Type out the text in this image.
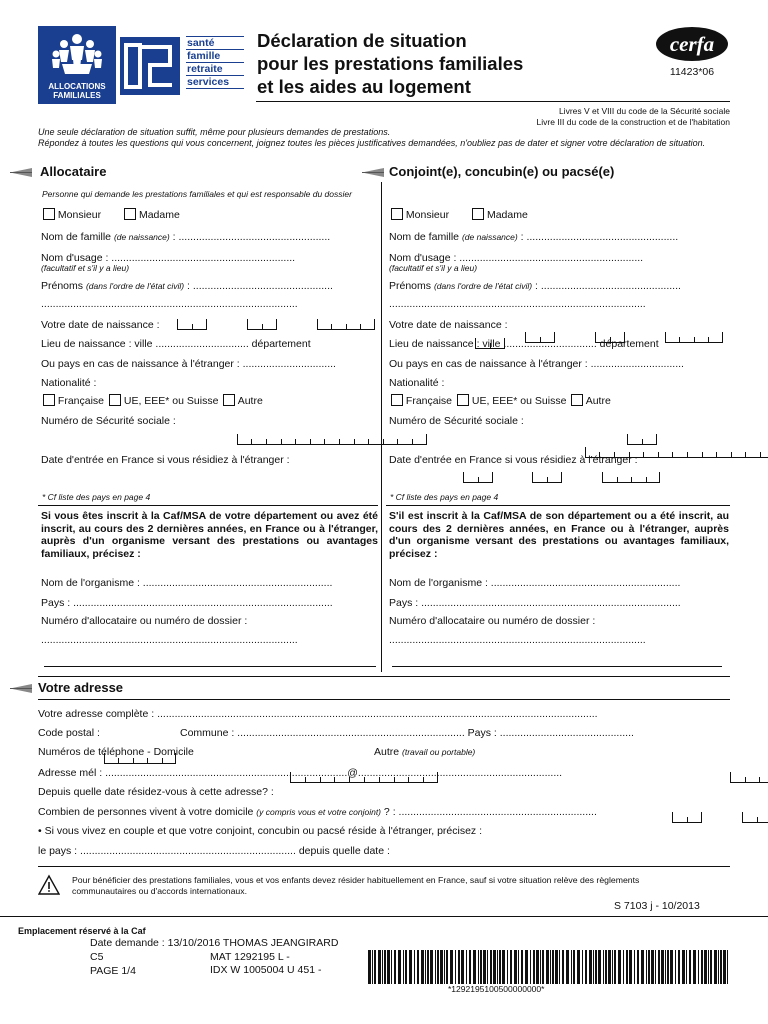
ALLOCATIONS
FAMILIALES
santé
famille
retraite
services
Déclaration de situation
pour les prestations familiales
et les aides au logement
cerfa
11423*06
Livres V et VIII du code de la Sécurité sociale
Livre III du code de la construction et de l'habitation
Une seule déclaration de situation suffit, même pour plusieurs demandes de prestations.
Répondez à toutes les questions qui vous concernent, joignez toutes les pièces justificatives demandées, n'oubliez pas de dater et signer votre déclaration de situation.
Allocataire
Personne qui demande les prestations familiales et qui est responsable du dossier
Monsieur	Madame
Nom de famille (de naissance) : ....................................................
Nom d'usage : ...............................................................
(facultatif et s'il y a lieu)
Prénoms (dans l'ordre de l'état civil) : ................................................
........................................................................................
Votre date de naissance :

Lieu de naissance : ville ................................ département

Ou pays en cas de naissance à l'étranger : ................................
Nationalité :
Française UE, EEE* ou Suisse Autre
Numéro de Sécurité sociale :

Date d'entrée en France si vous résidiez à l'étranger :

* Cf liste des pays en page 4
Si vous êtes inscrit à la Caf/MSA de votre département ou avez été inscrit, au cours des 2 dernières années, en France ou à l'étranger, auprès d'un organisme versant des prestations ou avantages familiaux, précisez :
Nom de l'organisme : .................................................................
Pays : .........................................................................................
Numéro d'allocataire ou numéro de dossier :
........................................................................................
Conjoint(e), concubin(e) ou pacsé(e)
Monsieur	Madame
Nom de famille (de naissance) : ....................................................
Nom d'usage : ...............................................................
(facultatif et s'il y a lieu)
Prénoms (dans l'ordre de l'état civil) : ................................................
........................................................................................
Votre date de naissance :

Lieu de naissance : ville ................................ département

Ou pays en cas de naissance à l'étranger : ................................
Nationalité :
Française UE, EEE* ou Suisse Autre
Numéro de Sécurité sociale :

Date d'entrée en France si vous résidiez à l'étranger :

* Cf liste des pays en page 4
S'il est inscrit à la Caf/MSA de son département ou a été inscrit, au cours des 2 dernières années, en France ou à l'étranger, auprès d'un organisme versant des prestations ou avantages familiaux, précisez :
Nom de l'organisme : .................................................................
Pays : .........................................................................................
Numéro d'allocataire ou numéro de dossier :
........................................................................................
Votre adresse
Votre adresse complète : .......................................................................................................................................................
Code postal :
	Commune : .............................................................................. Pays : ..............................................
Numéros de téléphone - Domicile
	Autre (travail ou portable)

Adresse mél : ...................................................................................@......................................................................
Depuis quelle date résidez-vous à cette adresse? :

Combien de personnes vivent à votre domicile (y compris vous et votre conjoint) ? : ....................................................................
• Si vous vivez en couple et que votre conjoint, concubin ou pacsé réside à l'étranger, précisez :
le pays : .......................................................................... depuis quelle date :

Pour bénéficier des prestations familiales, vous et vos enfants devez résider habituellement en France, sauf si votre situation relève des règlements
communautaires ou d'accords internationaux.
S 7103 j - 10/2013
Emplacement réservé à la Caf
Date demande : 13/10/2016 THOMAS JEANGIRARD
C5	MAT 1292195 L -
IDX W 1005004 U 451 -
PAGE 1/4
*1292195100500000000*
